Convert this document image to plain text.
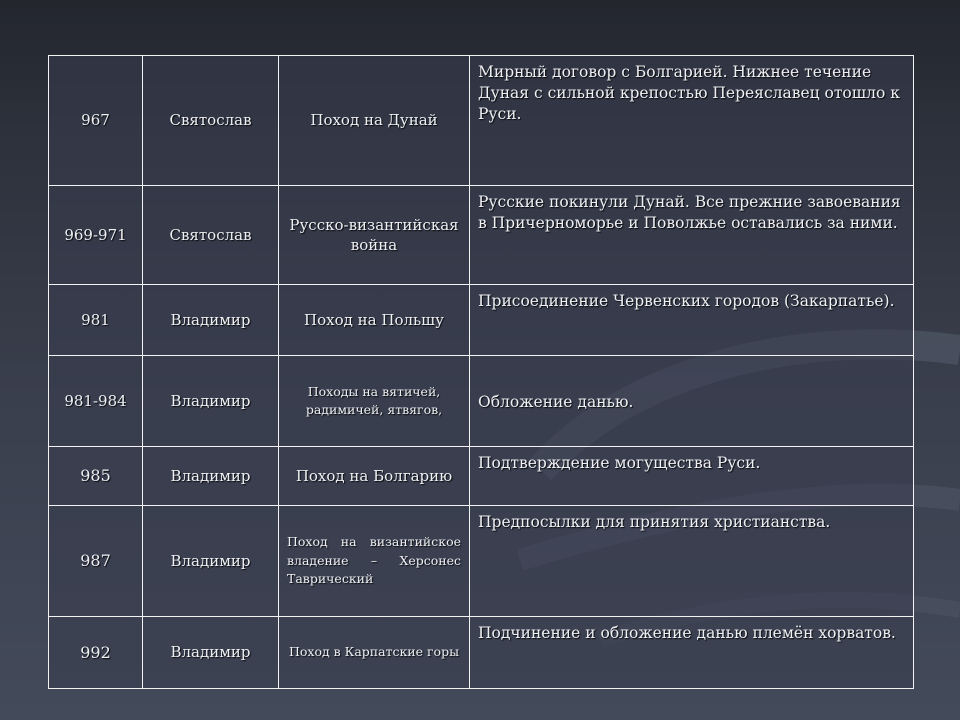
967	Святослав	Поход на Дунай	Мирный договор с Болгарией. Нижнее течение Дуная с сильной крепостью Переяславец отошло к Руси.
969-971	Святослав	Русско-византийская война	Русские покинули Дунай. Все прежние завоевания в Причерноморье и Поволжье оставались за ними.
981	Владимир	Поход на Польшу	Присоединение Червенских городов (Закарпатье).
981-984	Владимир	Походы на вятичей, радимичей, ятвягов,	Обложение данью.
985	Владимир	Поход на Болгарию	Подтверждение могущества Руси.
987	Владимир	Поход на византийское владение – Херсонес Таврический	Предпосылки для принятия христианства.
992	Владимир	Поход в Карпатские горы	Подчинение и обложение данью племён хорватов.
